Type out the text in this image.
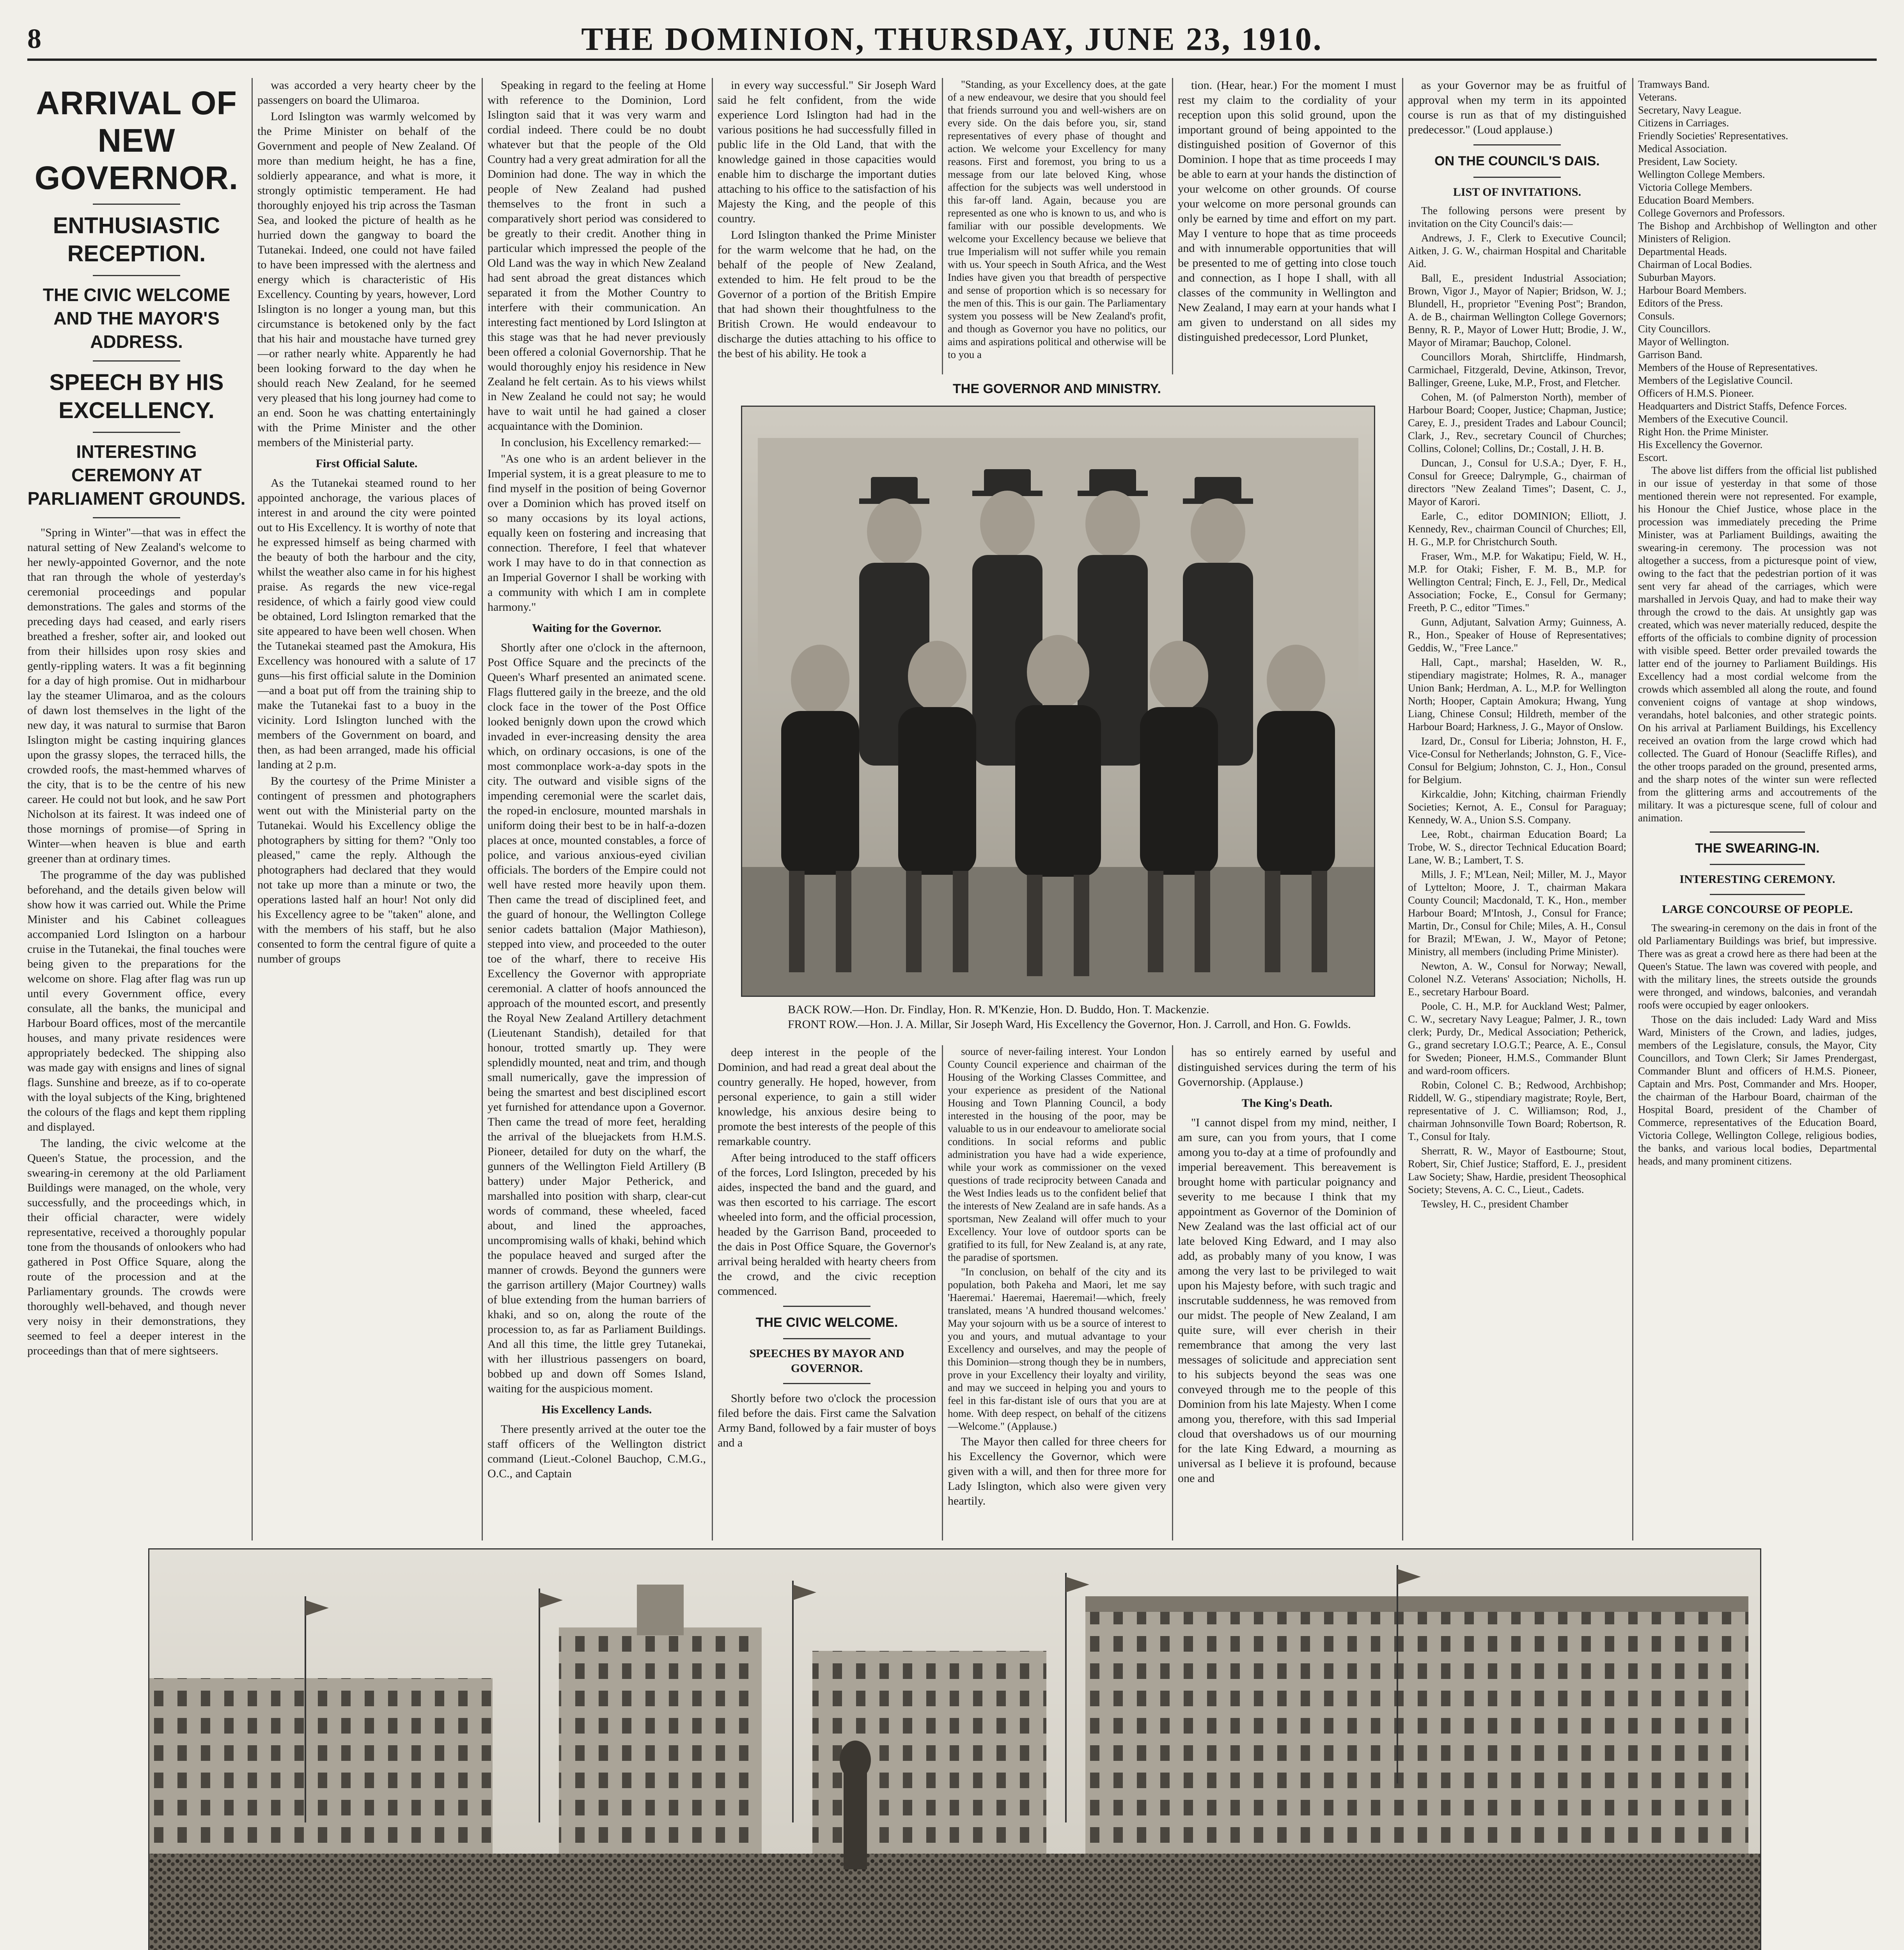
8	THE DOMINION, THURSDAY, JUNE 23, 1910.
ARRIVAL OF NEW GOVERNOR.
ENTHUSIASTIC RECEPTION.
THE CIVIC WELCOME AND THE MAYOR'S ADDRESS.
SPEECH BY HIS EXCELLENCY.
INTERESTING CEREMONY AT PARLIAMENT GROUNDS.

"Spring in Winter"—that was in effect the natural setting of New Zealand's welcome to her newly-appointed Governor, and the note that ran through the whole of yesterday's ceremonial proceedings and popular demonstrations. The gales and storms of the preceding days had ceased, and early risers breathed a fresher, softer air, and looked out from their hillsides upon rosy skies and gently-rippling waters. It was a fit beginning for a day of high promise. Out in midharbour lay the steamer Ulimaroa, and as the colours of dawn lost themselves in the light of the new day, it was natural to surmise that Baron Islington might be casting inquiring glances upon the grassy slopes, the terraced hills, the crowded roofs, the mast-hemmed wharves of the city, that is to be the centre of his new career. He could not but look, and he saw Port Nicholson at its fairest. It was indeed one of those mornings of promise—of Spring in Winter—when heaven is blue and earth greener than at ordinary times.

The programme of the day was published beforehand, and the details given below will show how it was carried out. While the Prime Minister and his Cabinet colleagues accompanied Lord Islington on a harbour cruise in the Tutanekai, the final touches were being given to the preparations for the welcome on shore. Flag after flag was run up until every Government office, every consulate, all the banks, the municipal and Harbour Board offices, most of the mercantile houses, and many private residences were appropriately bedecked. The shipping also was made gay with ensigns and lines of signal flags. Sunshine and breeze, as if to co-operate with the loyal subjects of the King, brightened the colours of the flags and kept them rippling and displayed.

The landing, the civic welcome at the Queen's Statue, the procession, and the swearing-in ceremony at the old Parliament Buildings were managed, on the whole, very successfully, and the proceedings which, in their official character, were widely representative, received a thoroughly popular tone from the thousands of onlookers who had gathered in Post Office Square, along the route of the procession and at the Parliamentary grounds. The crowds were thoroughly well-behaved, and though never very noisy in their demonstrations, they seemed to feel a deeper interest in the proceedings than that of mere sightseers.

was accorded a very hearty cheer by the passengers on board the Ulimaroa.

Lord Islington was warmly welcomed by the Prime Minister on behalf of the Government and people of New Zealand. Of more than medium height, he has a fine, soldierly appearance, and what is more, it strongly optimistic temperament. He had thoroughly enjoyed his trip across the Tasman Sea, and looked the picture of health as he hurried down the gangway to board the Tutanekai. Indeed, one could not have failed to have been impressed with the alertness and energy which is characteristic of His Excellency. Counting by years, however, Lord Islington is no longer a young man, but this circumstance is betokened only by the fact that his hair and moustache have turned grey—or rather nearly white. Apparently he had been looking forward to the day when he should reach New Zealand, for he seemed very pleased that his long journey had come to an end. Soon he was chatting entertainingly with the Prime Minister and the other members of the Ministerial party.

First Official Salute.

As the Tutanekai steamed round to her appointed anchorage, the various places of interest in and around the city were pointed out to His Excellency. It is worthy of note that he expressed himself as being charmed with the beauty of both the harbour and the city, whilst the weather also came in for his highest praise. As regards the new vice-regal residence, of which a fairly good view could be obtained, Lord Islington remarked that the site appeared to have been well chosen. When the Tutanekai steamed past the Amokura, His Excellency was honoured with a salute of 17 guns—his first official salute in the Dominion—and a boat put off from the training ship to make the Tutanekai fast to a buoy in the vicinity. Lord Islington lunched with the members of the Government on board, and then, as had been arranged, made his official landing at 2 p.m.

By the courtesy of the Prime Minister a contingent of pressmen and photographers went out with the Ministerial party on the Tutanekai. Would his Excellency oblige the photographers by sitting for them? "Only too pleased," came the reply. Although the photographers had declared that they would not take up more than a minute or two, the operations lasted half an hour! Not only did his Excellency agree to be "taken" alone, and with the members of his staff, but he also consented to form the central figure of quite a number of groups

Speaking in regard to the feeling at Home with reference to the Dominion, Lord Islington said that it was very warm and cordial indeed. There could be no doubt whatever but that the people of the Old Country had a very great admiration for all the Dominion had done. The way in which the people of New Zealand had pushed themselves to the front in such a comparatively short period was considered to be greatly to their credit. Another thing in particular which impressed the people of the Old Land was the way in which New Zealand had sent abroad the great distances which separated it from the Mother Country to interfere with their communication. An interesting fact mentioned by Lord Islington at this stage was that he had never previously been offered a colonial Governorship. That he would thoroughly enjoy his residence in New Zealand he felt certain. As to his views whilst in New Zealand he could not say; he would have to wait until he had gained a closer acquaintance with the Dominion.

In conclusion, his Excellency remarked:—

"As one who is an ardent believer in the Imperial system, it is a great pleasure to me to find myself in the position of being Governor over a Dominion which has proved itself on so many occasions by its loyal actions, equally keen on fostering and increasing that connection. Therefore, I feel that whatever work I may have to do in that connection as an Imperial Governor I shall be working with a community with which I am in complete harmony."

Waiting for the Governor.

Shortly after one o'clock in the afternoon, Post Office Square and the precincts of the Queen's Wharf presented an animated scene. Flags fluttered gaily in the breeze, and the old clock face in the tower of the Post Office looked benignly down upon the crowd which invaded in ever-increasing density the area which, on ordinary occasions, is one of the most commonplace work-a-day spots in the city. The outward and visible signs of the impending ceremonial were the scarlet dais, the roped-in enclosure, mounted marshals in uniform doing their best to be in half-a-dozen places at once, mounted constables, a force of police, and various anxious-eyed civilian officials. The borders of the Empire could not well have rested more heavily upon them. Then came the tread of disciplined feet, and the guard of honour, the Wellington College senior cadets battalion (Major Mathieson), stepped into view, and proceeded to the outer toe of the wharf, there to receive His Excellency the Governor with appropriate ceremonial. A clatter of hoofs announced the approach of the mounted escort, and presently the Royal New Zealand Artillery detachment (Lieutenant Standish), detailed for that honour, trotted smartly up. They were splendidly mounted, neat and trim, and though small numerically, gave the impression of being the smartest and best disciplined escort yet furnished for attendance upon a Governor. Then came the tread of more feet, heralding the arrival of the bluejackets from H.M.S. Pioneer, detailed for duty on the wharf, the gunners of the Wellington Field Artillery (B battery) under Major Petherick, and marshalled into position with sharp, clear-cut words of command, these wheeled, faced about, and lined the approaches, uncompromising walls of khaki, behind which the populace heaved and surged after the manner of crowds. Beyond the gunners were the garrison artillery (Major Courtney) walls of blue extending from the human barriers of khaki, and so on, along the route of the procession to, as far as Parliament Buildings. And all this time, the little grey Tutanekai, with her illustrious passengers on board, bobbed up and down off Somes Island, waiting for the auspicious moment.

His Excellency Lands.

There presently arrived at the outer toe the staff officers of the Wellington district command (Lieut.-Colonel Bauchop, C.M.G., O.C., and Captain

in every way successful." Sir Joseph Ward said he felt confident, from the wide experience Lord Islington had had in the various positions he had successfully filled in public life in the Old Land, that with the knowledge gained in those capacities would enable him to discharge the important duties attaching to his office to the satisfaction of his Majesty the King, and the people of this country.

Lord Islington thanked the Prime Minister for the warm welcome that he had, on the behalf of the people of New Zealand, extended to him. He felt proud to be the Governor of a portion of the British Empire that had shown their thoughtfulness to the British Crown. He would endeavour to discharge the duties attaching to his office to the best of his ability. He took a

"Standing, as your Excellency does, at the gate of a new endeavour, we desire that you should feel that friends surround you and well-wishers are on every side. On the dais before you, sir, stand representatives of every phase of thought and action. We welcome your Excellency for many reasons. First and foremost, you bring to us a message from our late beloved King, whose affection for the subjects was well understood in this far-off land. Again, because you are represented as one who is known to us, and who is familiar with our possible developments. We welcome your Excellency because we believe that true Imperialism will not suffer while you remain with us. Your speech in South Africa, and the West Indies have given you that breadth of perspective and sense of proportion which is so necessary for the men of this. This is our gain. The Parliamentary system you possess will be New Zealand's profit, and though as Governor you have no politics, our aims and aspirations political and otherwise will be to you a

tion. (Hear, hear.) For the moment I must rest my claim to the cordiality of your reception upon this solid ground, upon the important ground of being appointed to the distinguished position of Governor of this Dominion. I hope that as time proceeds I may be able to earn at your hands the distinction of your welcome on other grounds. Of course your welcome on more personal grounds can only be earned by time and effort on my part. May I venture to hope that as time proceeds and with innumerable opportunities that will be presented to me of getting into close touch and connection, as I hope I shall, with all classes of the community in Wellington and New Zealand, I may earn at your hands what I am given to understand on all sides my distinguished predecessor, Lord Plunket,

THE GOVERNOR AND MINISTRY.
BACK ROW.—Hon. Dr. Findlay, Hon. R. M'Kenzie, Hon. D. Buddo, Hon. T. Mackenzie.
FRONT ROW.—Hon. J. A. Millar, Sir Joseph Ward, His Excellency the Governor, Hon. J. Carroll, and Hon. G. Fowlds.

deep interest in the people of the Dominion, and had read a great deal about the country generally. He hoped, however, from personal experience, to gain a still wider knowledge, his anxious desire being to promote the best interests of the people of this remarkable country.

After being introduced to the staff officers of the forces, Lord Islington, preceded by his aides, inspected the band and the guard, and was then escorted to his carriage. The escort wheeled into form, and the official procession, headed by the Garrison Band, proceeded to the dais in Post Office Square, the Governor's arrival being heralded with hearty cheers from the crowd, and the civic reception commenced.

THE CIVIC WELCOME.
SPEECHES BY MAYOR AND GOVERNOR.

Shortly before two o'clock the procession filed before the dais. First came the Salvation Army Band, followed by a fair muster of boys and a

source of never-failing interest. Your London County Council experience and chairman of the Housing of the Working Classes Committee, and your experience as president of the National Housing and Town Planning Council, a body interested in the housing of the poor, may be valuable to us in our endeavour to ameliorate social conditions. In social reforms and public administration you have had a wide experience, while your work as commissioner on the vexed questions of trade reciprocity between Canada and the West Indies leads us to the confident belief that the interests of New Zealand are in safe hands. As a sportsman, New Zealand will offer much to your Excellency. Your love of outdoor sports can be gratified to its full, for New Zealand is, at any rate, the paradise of sportsmen.

"In conclusion, on behalf of the city and its population, both Pakeha and Maori, let me say 'Haeremai.' Haeremai, Haeremai!—which, freely translated, means 'A hundred thousand welcomes.' May your sojourn with us be a source of interest to you and yours, and mutual advantage to your Excellency and ourselves, and may the people of this Dominion—strong though they be in numbers, prove in your Excellency their loyalty and virility, and may we succeed in helping you and yours to feel in this far-distant isle of ours that you are at home. With deep respect, on behalf of the citizens—Welcome." (Applause.)

The Mayor then called for three cheers for his Excellency the Governor, which were given with a will, and then for three more for Lady Islington, which also were given very heartily.

has so entirely earned by useful and distinguished services during the term of his Governorship. (Applause.)

The King's Death.

"I cannot dispel from my mind, neither, I am sure, can you from yours, that I come among you to-day at a time of profoundly and imperial bereavement. This bereavement is brought home with particular poignancy and severity to me because I think that my appointment as Governor of the Dominion of New Zealand was the last official act of our late beloved King Edward, and I may also add, as probably many of you know, I was among the very last to be privileged to wait upon his Majesty before, with such tragic and inscrutable suddenness, he was removed from our midst. The people of New Zealand, I am quite sure, will ever cherish in their remembrance that among the very last messages of solicitude and appreciation sent to his subjects beyond the seas was one conveyed through me to the people of this Dominion from his late Majesty. When I come among you, therefore, with this sad Imperial cloud that overshadows us of our mourning for the late King Edward, a mourning as universal as I believe it is profound, because one and

as your Governor may be as fruitful of approval when my term in its appointed course is run as that of my distinguished predecessor." (Loud applause.)

ON THE COUNCIL'S DAIS.
LIST OF INVITATIONS.

The following persons were present by invitation on the City Council's dais:—

Andrews, J. F., Clerk to Executive Council; Aitken, J. G. W., chairman Hospital and Charitable Aid.

Ball, E., president Industrial Association; Brown, Vigor J., Mayor of Napier; Bridson, W. J.; Blundell, H., proprietor "Evening Post"; Brandon, A. de B., chairman Wellington College Governors; Benny, R. P., Mayor of Lower Hutt; Brodie, J. W., Mayor of Miramar; Bauchop, Colonel.

Councillors Morah, Shirtcliffe, Hindmarsh, Carmichael, Fitzgerald, Devine, Atkinson, Trevor, Ballinger, Greene, Luke, M.P., Frost, and Fletcher.

Cohen, M. (of Palmerston North), member of Harbour Board; Cooper, Justice; Chapman, Justice; Carey, E. J., president Trades and Labour Council; Clark, J., Rev., secretary Council of Churches; Collins, Colonel; Collins, Dr.; Costall, J. H. B.

Duncan, J., Consul for U.S.A.; Dyer, F. H., Consul for Greece; Dalrymple, G., chairman of directors "New Zealand Times"; Dasent, C. J., Mayor of Karori.

Earle, C., editor DOMINION; Elliott, J. Kennedy, Rev., chairman Council of Churches; Ell, H. G., M.P. for Christchurch South.

Fraser, Wm., M.P. for Wakatipu; Field, W. H., M.P. for Otaki; Fisher, F. M. B., M.P. for Wellington Central; Finch, E. J., Fell, Dr., Medical Association; Focke, E., Consul for Germany; Freeth, P. C., editor "Times."

Gunn, Adjutant, Salvation Army; Guinness, A. R., Hon., Speaker of House of Representatives; Geddis, W., "Free Lance."

Hall, Capt., marshal; Haselden, W. R., stipendiary magistrate; Holmes, R. A., manager Union Bank; Herdman, A. L., M.P. for Wellington North; Hooper, Captain Amokura; Hwang, Yung Liang, Chinese Consul; Hildreth, member of the Harbour Board; Harkness, J. G., Mayor of Onslow.

Izard, Dr., Consul for Liberia; Johnston, H. F., Vice-Consul for Netherlands; Johnston, G. F., Vice-Consul for Belgium; Johnston, C. J., Hon., Consul for Belgium.

Kirkcaldie, John; Kitching, chairman Friendly Societies; Kernot, A. E., Consul for Paraguay; Kennedy, W. A., Union S.S. Company.

Lee, Robt., chairman Education Board; La Trobe, W. S., director Technical Education Board; Lane, W. B.; Lambert, T. S.

Mills, J. F.; M'Lean, Neil; Miller, M. J., Mayor of Lyttelton; Moore, J. T., chairman Makara County Council; Macdonald, T. K., Hon., member Harbour Board; M'Intosh, J., Consul for France; Martin, Dr., Consul for Chile; Miles, A. H., Consul for Brazil; M'Ewan, J. W., Mayor of Petone; Ministry, all members (including Prime Minister).

Newton, A. W., Consul for Norway; Newall, Colonel N.Z. Veterans' Association; Nicholls, H. E., secretary Harbour Board.

Poole, C. H., M.P. for Auckland West; Palmer, C. W., secretary Navy League; Palmer, J. R., town clerk; Purdy, Dr., Medical Association; Petherick, G., grand secretary I.O.G.T.; Pearce, A. E., Consul for Sweden; Pioneer, H.M.S., Commander Blunt and ward-room officers.

Robin, Colonel C. B.; Redwood, Archbishop; Riddell, W. G., stipendiary magistrate; Royle, Bert, representative of J. C. Williamson; Rod, J., chairman Johnsonville Town Board; Robertson, R. T., Consul for Italy.

Sherratt, R. W., Mayor of Eastbourne; Stout, Robert, Sir, Chief Justice; Stafford, E. J., president Law Society; Shaw, Hardie, president Theosophical Society; Stevens, A. C. C., Lieut., Cadets.

Tewsley, H. C., president Chamber

Tramways Band.
Veterans.
Secretary, Navy League.
Citizens in Carriages.
Friendly Societies' Representatives.
Medical Association.
President, Law Society.
Wellington College Members.
Victoria College Members.
Education Board Members.
College Governors and Professors.
The Bishop and Archbishop of Wellington and other Ministers of Religion.
Departmental Heads.
Chairman of Local Bodies.
Suburban Mayors.
Harbour Board Members.
Editors of the Press.
Consuls.
City Councillors.
Mayor of Wellington.
Garrison Band.
Members of the House of Representatives.
Members of the Legislative Council.
Officers of H.M.S. Pioneer.
Headquarters and District Staffs, Defence Forces.
Members of the Executive Council.
Right Hon. the Prime Minister.
His Excellency the Governor.
Escort.

The above list differs from the official list published in our issue of yesterday in that some of those mentioned therein were not represented. For example, his Honour the Chief Justice, whose place in the procession was immediately preceding the Prime Minister, was at Parliament Buildings, awaiting the swearing-in ceremony. The procession was not altogether a success, from a picturesque point of view, owing to the fact that the pedestrian portion of it was sent very far ahead of the carriages, which were marshalled in Jervois Quay, and had to make their way through the crowd to the dais. At unsightly gap was created, which was never materially reduced, despite the efforts of the officials to combine dignity of procession with visible speed. Better order prevailed towards the latter end of the journey to Parliament Buildings. His Excellency had a most cordial welcome from the crowds which assembled all along the route, and found convenient coigns of vantage at shop windows, verandahs, hotel balconies, and other strategic points. On his arrival at Parliament Buildings, his Excellency received an ovation from the large crowd which had collected. The Guard of Honour (Seacliffe Rifles), and the other troops paraded on the ground, presented arms, and the sharp notes of the winter sun were reflected from the glittering arms and accoutrements of the military. It was a picturesque scene, full of colour and animation.

THE SWEARING-IN.
INTERESTING CEREMONY.
LARGE CONCOURSE OF PEOPLE.

The swearing-in ceremony on the dais in front of the old Parliamentary Buildings was brief, but impressive. There was as great a crowd here as there had been at the Queen's Statue. The lawn was covered with people, and with the military lines, the streets outside the grounds were thronged, and windows, balconies, and verandah roofs were occupied by eager onlookers.

Those on the dais included: Lady Ward and Miss Ward, Ministers of the Crown, and ladies, judges, members of the Legislature, consuls, the Mayor, City Councillors, and Town Clerk; Sir James Prendergast, Commander Blunt and officers of H.M.S. Pioneer, Captain and Mrs. Post, Commander and Mrs. Hooper, the chairman of the Harbour Board, chairman of the Hospital Board, president of the Chamber of Commerce, representatives of the Education Board, Victoria College, Wellington College, religious bodies, the banks, and various local bodies, Departmental heads, and many prominent citizens.
